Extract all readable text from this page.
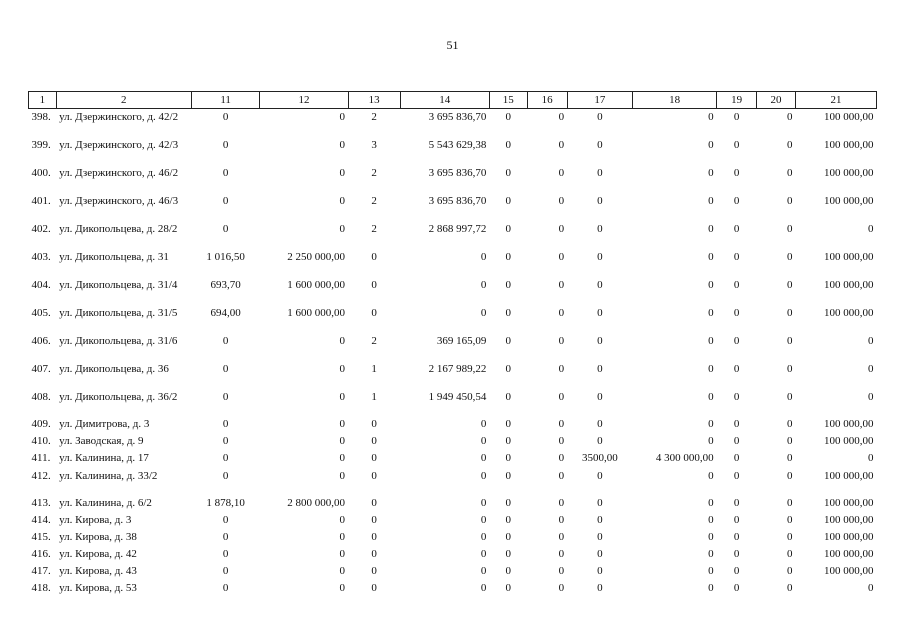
51
1	2	11	12	13	14	15	16	17	18	19	20	21
398.	ул. Дзержинского, д. 42/2	0	0	2	3 695 836,70	0	0	0	0	0	0	100 000,00
399.	ул. Дзержинского, д. 42/3	0	0	3	5 543 629,38	0	0	0	0	0	0	100 000,00
400.	ул. Дзержинского, д. 46/2	0	0	2	3 695 836,70	0	0	0	0	0	0	100 000,00
401.	ул. Дзержинского, д. 46/3	0	0	2	3 695 836,70	0	0	0	0	0	0	100 000,00
402.	ул. Дикопольцева, д. 28/2	0	0	2	2 868 997,72	0	0	0	0	0	0	0
403.	ул. Дикопольцева, д. 31	1 016,50	2 250 000,00	0	0	0	0	0	0	0	0	100 000,00
404.	ул. Дикопольцева, д. 31/4	693,70	1 600 000,00	0	0	0	0	0	0	0	0	100 000,00
405.	ул. Дикопольцева, д. 31/5	694,00	1 600 000,00	0	0	0	0	0	0	0	0	100 000,00
406.	ул. Дикопольцева, д. 31/6	0	0	2	369 165,09	0	0	0	0	0	0	0
407.	ул. Дикопольцева, д. 36	0	0	1	2 167 989,22	0	0	0	0	0	0	0
408.	ул. Дикопольцева, д. 36/2	0	0	1	1 949 450,54	0	0	0	0	0	0	0
409.	ул. Димитрова, д. 3	0	0	0	0	0	0	0	0	0	0	100 000,00
410.	ул. Заводская, д. 9	0	0	0	0	0	0	0	0	0	0	100 000,00
411.	ул. Калинина, д. 17	0	0	0	0	0	0	3500,00	4 300 000,00	0	0	0
412.	ул. Калинина, д. 33/2	0	0	0	0	0	0	0	0	0	0	100 000,00
413.	ул. Калинина, д. 6/2	1 878,10	2 800 000,00	0	0	0	0	0	0	0	0	100 000,00
414.	ул. Кирова, д. 3	0	0	0	0	0	0	0	0	0	0	100 000,00
415.	ул. Кирова, д. 38	0	0	0	0	0	0	0	0	0	0	100 000,00
416.	ул. Кирова, д. 42	0	0	0	0	0	0	0	0	0	0	100 000,00
417.	ул. Кирова, д. 43	0	0	0	0	0	0	0	0	0	0	100 000,00
418.	ул. Кирова, д. 53	0	0	0	0	0	0	0	0	0	0	0
